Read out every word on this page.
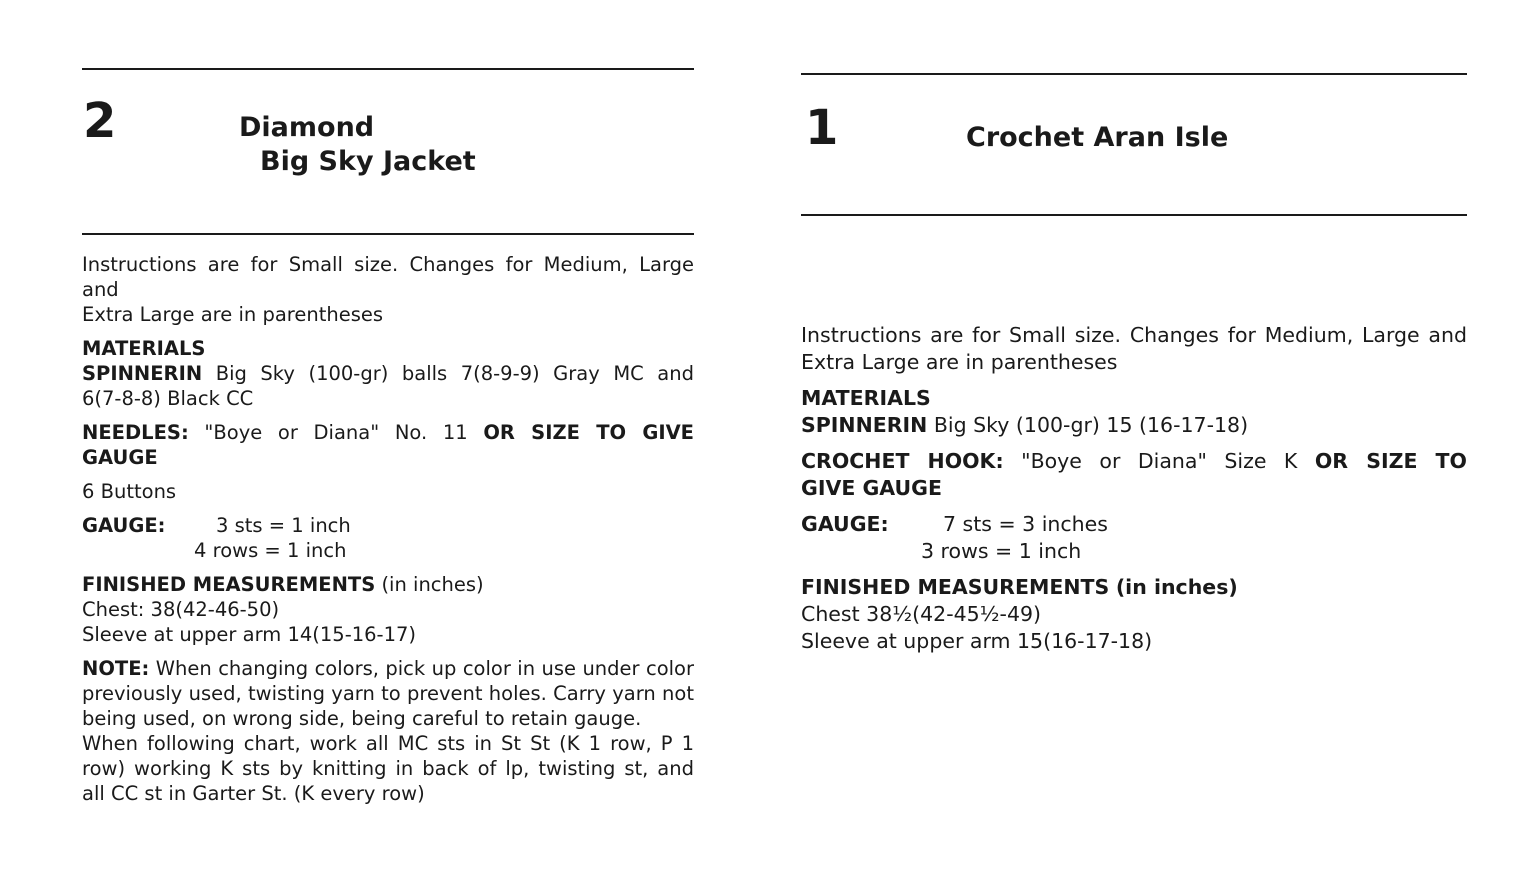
2	Diamond
Big Sky Jacket

Instructions are for Small size. Changes for Medium, Large and

Extra Large are in parentheses

MATERIALS

SPINNERIN Big Sky (100-gr) balls 7(8-9-9) Gray MC and

6(7-8-8) Black CC

NEEDLES: "Boye or Diana" No. 11 OR SIZE TO GIVE

GAUGE

6 Buttons

GAUGE:	3 sts = 1 inch
4 rows = 1 inch

FINISHED MEASUREMENTS (in inches)

Chest: 38(42-46-50)

Sleeve at upper arm 14(15-16-17)

NOTE: When changing colors, pick up color in use under color

previously used, twisting yarn to prevent holes. Carry yarn not

being used, on wrong side, being careful to retain gauge.

When following chart, work all MC sts in St St (K 1 row, P 1

row) working K sts by knitting in back of lp, twisting st, and

all CC st in Garter St. (K every row)

1	Crochet Aran Isle

Instructions are for Small size. Changes for Medium, Large and

Extra Large are in parentheses

MATERIALS

SPINNERIN Big Sky (100-gr) 15 (16-17-18)

CROCHET HOOK: "Boye or Diana" Size K OR SIZE TO

GIVE GAUGE

GAUGE:	7 sts = 3 inches
3 rows = 1 inch

FINISHED MEASUREMENTS (in inches)

Chest 38½(42-45½-49)

Sleeve at upper arm 15(16-17-18)
